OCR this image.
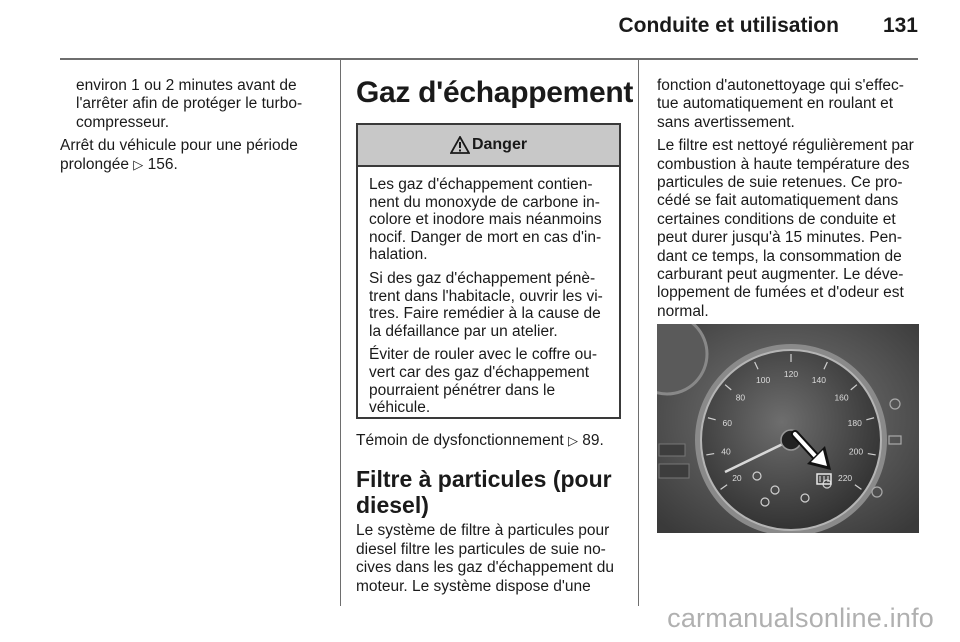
Conduite et utilisation 131

environ 1 ou 2 minutes avant de l'arrêter afin de protéger le turbo-compresseur.

Arrêt du véhicule pour une période prolongée ▷ 156.

Gaz d'échappement
Danger

Les gaz d'échappement contien-nent du monoxyde de carbone in-colore et inodore mais néanmoins nocif. Danger de mort en cas d'in-halation.

Si des gaz d'échappement pénè-trent dans l'habitacle, ouvrir les vi-tres. Faire remédier à la cause de la défaillance par un atelier.

Éviter de rouler avec le coffre ou-vert car des gaz d'échappement pourraient pénétrer dans le véhicule.

Témoin de dysfonctionnement ▷ 89.

Filtre à particules (pour diesel)

Le système de filtre à particules pour diesel filtre les particules de suie no-cives dans les gaz d'échappement du moteur. Le système dispose d'une

fonction d'autonettoyage qui s'effec-tue automatiquement en roulant et sans avertissement.

Le filtre est nettoyé régulièrement par combustion à haute température des particules de suie retenues. Ce pro-cédé se fait automatiquement dans certaines conditions de conduite et peut durer jusqu'à 15 minutes. Pen-dant ce temps, la consommation de carburant peut augmenter. Le déve-loppement de fumées et d'odeur est normal.

20
40
60
80
100
120
140
160
180
200
220
carmanualsonline.info
